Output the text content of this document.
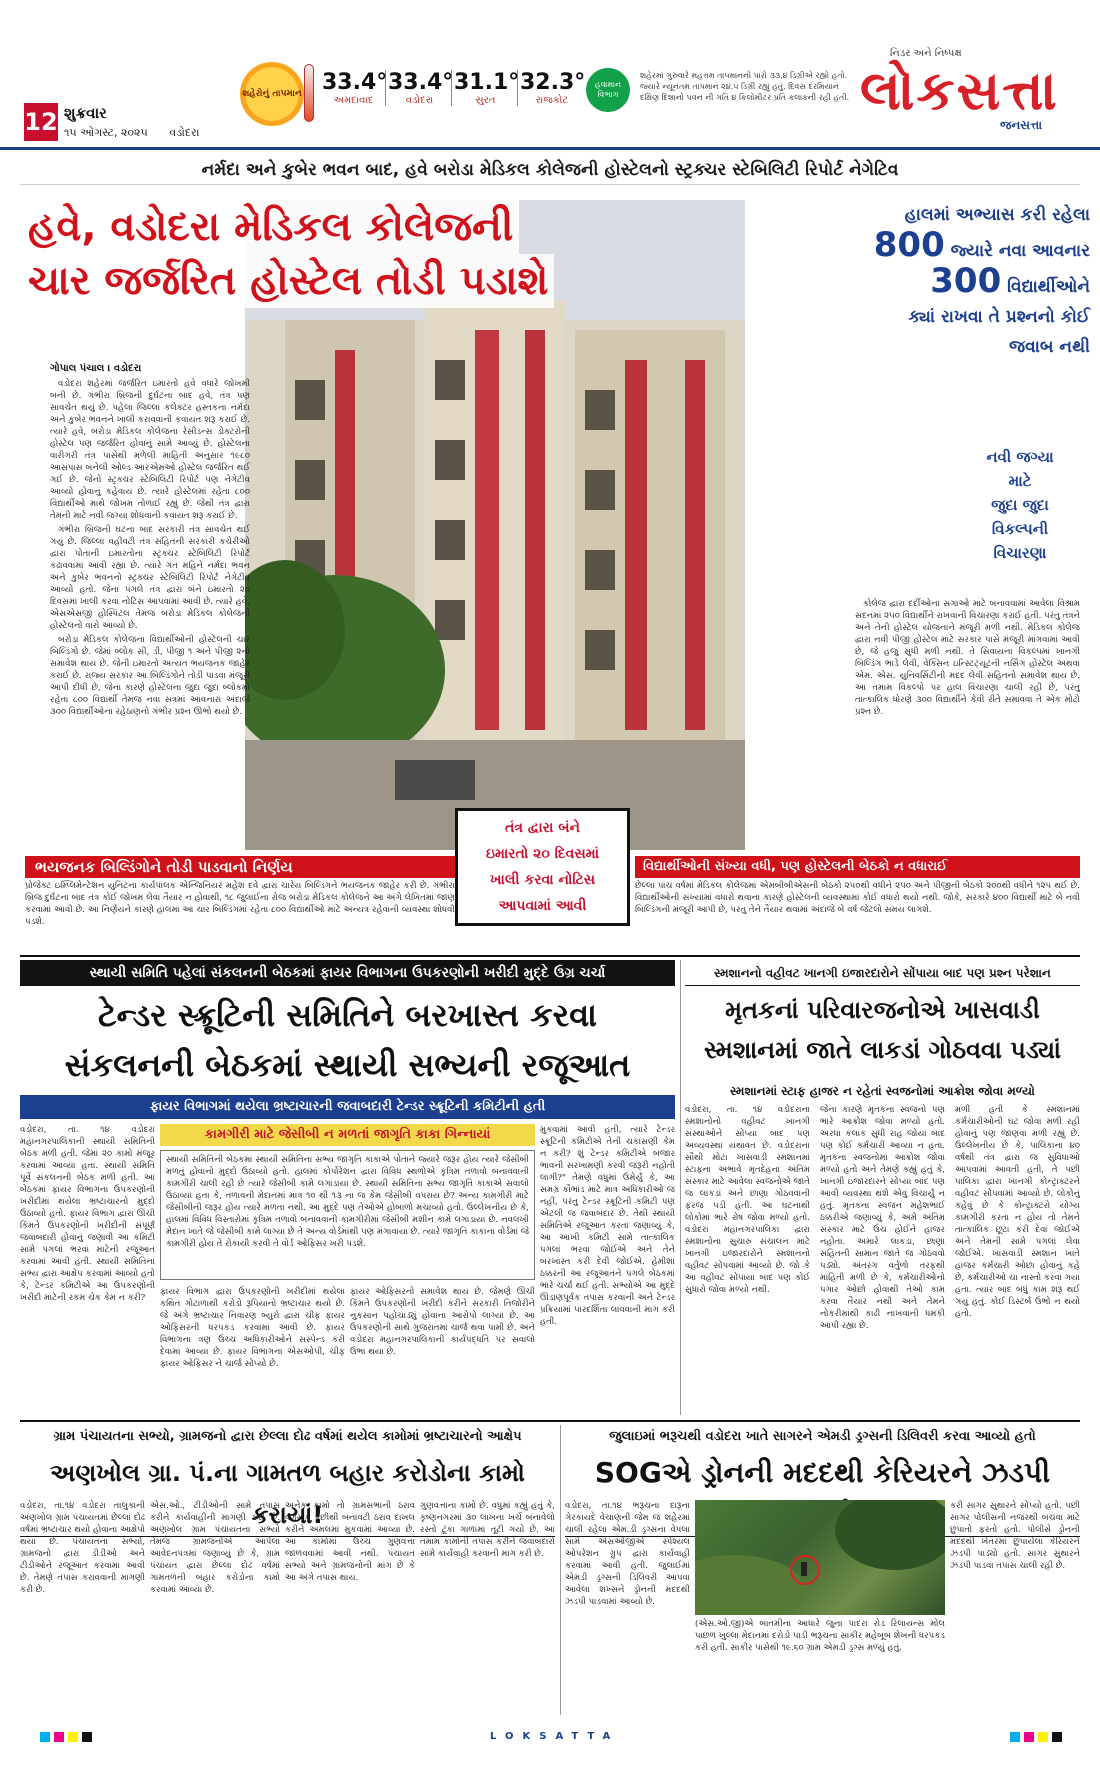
12 શુક્રવાર
૧૫ ઓગસ્ટ, ૨૦૨૫ વડોદરા
શહેરોનું તાપમાન 33.4°
અમદાવાદ
33.4°
વડોદરા
31.1°
સુરત
32.3°
રાજકોટ
હવામાન વિભાગ
શહેરમાં ગુરુવારે મહત્તમ તાપમાનનો પારો ૩૩.૪ ડિગ્રીએ રહ્યો હતો. જ્યારે ન્યૂનતમ તાપમાન ૨૪.૫ ડિગ્રી રહ્યું હતું. દિવસ દરમિયાન દક્ષિણ દિશાનો પવન ની ગતિ ૪ કિલોમીટર પ્રતિ કલાકની રહી હતી.
નિડર અને નિષ્પક્ષ
લોકસત્તા
જનસત્તા
નર્મદા અને કુબેર ભવન બાદ, હવે બરોડા મેડિકલ કોલેજની હોસ્ટેલનો સ્ટ્રક્ચર સ્ટેબિલિટી રિપોર્ટ નેગેટિવ
હવે, વડોદરા મેડિકલ કોલેજની
ચાર જર્જરિત હોસ્ટેલ તોડી પડાશે
હાલમાં અભ્યાસ કરી રહેલા
800 જ્યારે નવા આવનાર
300 વિદ્યાર્થીઓને
ક્યાં રાખવા તે પ્રશ્નનો કોઈ
જવાબ નથી
નવી જગ્યા
માટે
જુદા જુદા
વિકલ્પની
વિચારણા
ગોપાલ પંચાલ । વડોદરા

વડોદરા શહેરમાં જર્જરિત ઇમારતો હવે વધારે જોખમી બની છે. ગંભીરા બ્રિજની દુર્ઘટના બાદ હવે, તંત્ર પણ સાવચેત થયું છે. પહેલા જિલ્લા કલેક્ટર હસ્તકના નર્મદા અને કુબેર ભવનને ખાલી કરાવવાની કવાયત શરૂ કરાઈ છે. ત્યારે હવે, બરોડા મેડિકલ કોલેજના રેસીડન્સ ડોક્ટરોની હોસ્ટેલ પણ જર્જરિત હોવાનું સામે આવ્યું છે. હોસ્ટેલના વારીગરી તંત્ર પાસેથી મળેલી માહિતી અનુસાર ૧૯૮૦ આસપાસ બનેલી ઓલ્ડ આરએમઓ હોસ્ટેલ જર્જરિત થઈ ગઈ છે. જેનો સ્ટ્રક્ચર સ્ટેબિલિટી રિપોર્ટ પણ નેગેટીવ આવ્યો હોવાનું કહેવાય છે. ત્યારે હોસ્ટેલમાં રહેતા ૮૦૦ વિદ્યાર્થીઓ માથે જોખમ તોળાઈ રહ્યું છે. જેથી તંત્ર દ્વારા તેમની માટે નવી જગ્યા શોધવાની કવાયત શરૂ કરાઈ છે.

ગંભીરા બ્રિજની ઘટના બાદ સરકારી તંત્ર સાવચેત થઈ ગયું છે. જિલ્લા વહીવટી તંત્ર સહિતની સરકારી કચેરીઓ દ્વારા પોતાની ઇમારતોના સ્ટ્રક્ચર સ્ટેબિલિટી રિપોર્ટ કઢાવવામાં આવી રહ્યા છે. ત્યારે ગત મહિને નર્મદા ભવન અને કુબેર ભવનનો સ્ટ્રક્ચર સ્ટેબિલિટી રિપોર્ટ નેગેટીવ આવ્યો હતો. જેના પગલે તંત્ર દ્વારા બંને ઇમારતો ૨૦ દિવસમાં ખાલી કરવા નોટિસ આપવામાં આવી છે. ત્યારે હવે, એસએસજી હોસ્પિટલ તેમજ બરોડા મેડિકલ કોલેજની હોસ્ટેલનો વારો આવ્યો છે.

બરોડા મેડિકલ કોલેજના વિદ્યાર્થીઓની હોસ્ટેલની ચાર બિલ્ડિંગો છે. જેમાં બ્લોક સી, ડી, પીજી ૧ અને પીજી ૨નો સમાવેશ થાય છે. જેની ઇમારતો અત્યંત ભયજનક જાહેર કરાઈ છે. રાજ્ય સરકાર આ બિલ્ડિંગોને તોડી પાડવા મંજૂરી આપી દીધી છે, જેના કારણે હોસ્ટેલના જુદા જુદા બ્લોકમાં રહેતા ૮૦૦ વિદ્યાર્થી તેમજ નવા સત્રમાં આવનારા અંદાજે ૩૦૦ વિદ્યાર્થીઓના રહેઠાણનો ગંભીર પ્રશ્ન ઊભો થયો છે.

કોલેજ દ્વારા દર્દીઓના સગાઓ માટે બનાવવામાં આવેલા વિશ્રામ સદનમાં ૨૫૦ વિદ્યાર્થીને રાખવાની વિચારણા કરાઈ હતી. પરંતુ તંત્રને અને તેની હોસ્ટેલ યોજનાને મંજૂરી મળી નથી. મેડિકલ કોલેજ દ્વારા નવી પીજી હોસ્ટેલ માટે સરકાર પાસે મંજૂરી માંગવામાં આવી છે, જે હજુ સુધી મળી નથી. તે સિવાયના વિકલ્પમાં ખાનગી બિલ્ડિંગ ભાડે લેવી, વેક્સિન ઇન્સ્ટિટ્યૂટની નર્સિંગ હોસ્ટેલ અથવા એમ. એસ. યુનિવર્સિટીની મદદ લેવી સહિતનો સમાવેશ થાય છે. આ તમામ વિકલ્પો પર હાલ વિચારણા ચાલી રહી છે, પરંતુ તાત્કાલિક ધોરણે ૩૦૦ વિદ્યાર્થીને કેવી રીતે સમાવવા તે એક મોટો પ્રશ્ન છે.

તંત્ર દ્વારા બંને
ઇમારતો ૨૦ દિવસમાં
ખાલી કરવા નોટિસ
આપવામાં આવી
ભયજનક બિલ્ડિંગોને તોડી પાડવાનો નિર્ણય	વિદ્યાર્થીઓની સંખ્યા વધી, પણ હોસ્ટેલની બેઠકો ન વધારાઈ
પ્રોજેક્ટ ઇમ્પ્લિમેન્ટેશન યુનિટના કાર્યપાલક એન્જિનિયર મહેશ દવે દ્વારા ચારેય બિલ્ડિંગને ભયજનક જાહેર કરી છે. ગંભીરા બ્રિજ દુર્ઘટના બાદ તંત્ર કોઈ જોખમ લેવા તૈયાર ન હોવાથી, ૧૮ જુલાઈના રોજ બરોડા મેડિકલ કોલેજને આ અંગે લેખિતમાં જાણ કરવામાં આવી છે. આ નિર્ણયને કારણે હાલમાં આ ચાર બિલ્ડિંગમાં રહેતા ૮૦૦ વિદ્યાર્થીઓ માટે અન્યત્ર રહેવાની વ્યવસ્થા શોધવી પડશે.
છેલ્લા પાંચ વર્ષમાં મેડિકલ કોલેજમાં એમબીબીએસની બેઠકો ૨૫૦થી વધીને ૨૫૦ અને પીજીની બેઠકો ૨૦૦થી વધીને ૧૨૫ થઈ છે. વિદ્યાર્થીઓની સંખ્યામાં વધારો થવાના કારણે હોસ્ટેલની વ્યવસ્થામાં કોઈ વધારો થયો નથી. જોકે, સરકારે ૪૦૦ વિદ્યાર્થી માટે બે નવી બિલ્ડિંગની મંજૂરી આપી છે, પરંતુ તેને તૈયાર થવામાં અંદાજે બે વર્ષ જેટલો સમય લાગશે.
સ્થાયી સમિતિ પહેલાં સંકલનની બેઠકમાં ફાયર વિભાગના ઉપકરણોની ખરીદી મુદ્દે ઉગ્ર ચર્ચા
ટેન્ડર સ્ક્રૂટિની સમિતિને બરખાસ્ત કરવા
સંકલનની બેઠકમાં સ્થાયી સભ્યની રજૂઆત
ફાયર વિભાગમાં થયેલા ભ્રષ્ટાચારની જવાબદારી ટેન્ડર સ્ક્રૂટિની કમિટીની હતી
વડોદરા, તા. ૧૪ વડોદરા મહાનગરપાલિકાની સ્થાયી સમિતિની બેઠક મળી હતી. જેમાં ૨૦ કામો મંજૂર કરવામાં આવ્યા હતા. સ્થાયી સમિતિ પૂર્વે સંકલનની બેઠક મળી હતી. આ બેઠકમાં ફાયર વિભાગના ઉપકરણોની ખરીદીમાં થયેલા ભ્રષ્ટાચારનો મુદ્દો ઉઠાવ્યો હતો. ફાયર વિભાગ દ્વારા ઊંચી કિંમતે ઉપકરણોની ખરીદીની સંપૂર્ણ જવાબદારી હોવાનું જણાવી આ કમિટી સામે પગલાં ભરવા માટેની રજૂઆત કરવામાં આવી હતી. સ્થાયી સમિતિના સભ્ય દ્વારા આક્ષેપ કરવામાં આવ્યો હતો કે, ટેન્ડર કમિટીએ આ ઉપકરણોની ખરીદી માટેની રકમ ચેક કેમ ન કરી?
કામગીરી માટે જેસીબી ન મળતાં જાગૃતિ કાકા ગિન્નાયાં
સ્થાયી સમિતિની બેઠકમાં સ્થાયી સમિતિના સભ્ય જાગૃતિ કાકાએ પોતાને જ્યારે જરૂર હોય ત્યારે જેસીબી મળતું હોવાનો મુદ્દો ઉઠાવ્યો હતો. હાલમાં કોર્પોરેશન દ્વારા વિવિધ સ્થળોએ કૃત્રિમ તળાવો બનાવવાની કામગીરી ચાલી રહી છે ત્યારે જેસીબી કામે લગાડાયા છે. સ્થાયી સમિતિના સભ્ય જાગૃતિ કાકાએ સવાલો ઉઠાવ્યા હતા કે, તળાવની મેદાનમાં માત્ર ૧૦ થી ૧૩ ના જ કેમ જેસીબી વપરાય છે? અન્ય કામગીરી માટે જેસીબીની જરૂર હોય ત્યારે મળતા નથી. આ મુદ્દે પણ તેઓએ હોબાળો મચાવ્યો હતો. ઉલ્લેખનીય છે કે, હાલમાં વિવિધ વિસ્તારોમાં કૃત્રિમ તળાવો બનાવવાની કામગીરીમાં જેસીબી મશીન કામે લગાડાયા છે. નવલખી મેદાન ખાતે જે જેસીબી કામે લાગ્યા છે તે અન્ય વોર્ડમાંથી પણ મંગાવાયા છે. ત્યારે જાગૃતિ કાકાના વોર્ડમાં જે કામગીરી હોય તે રોકાયી કરવી તે વોર્ડ ઓફિસર ખરી પડશે.
ફાયર વિભાગ દ્વારા ઉપકરણોની ખરીદીમાં થયેલા કથિત ગોટાળાથી કરોડો રૂપિયાનો ભ્રષ્ટાચાર થયો છે. જે અંગે ભ્રષ્ટાચાર નિવારણ બ્યુરો દ્વારા ચીફ ફાયર ઓફિસરની ધરપકડ કરવામાં આવી છે. ફાયર વિભાગના ત્રણ ઉચ્ચ અધિકારીઓને સસ્પેન્ડ કરી દેવામાં આવ્યા છે. ફાયર વિભાગના એસઓપી, ચીફ ફાયર ઓફિસર ને ચાર્જ સોંપ્યો છે.
ફાયર ઓફિસરનો સમાવેશ થાય છે. જેમણે ઊંચી કિંમતે ઉપકરણોની ખરીદી કરીને સરકારી તિજોરીને નુકસાન પહોંચાડ્યું હોવાના આરોપો લાગ્યા છે. આ ઉપકરણોની સાથે ગુજરાતમાં ચાર્જ થવા પામી છે. અને વડોદરા મહાનગરપાલિકાની કાર્યપદ્ધતિ પર સવાલો ઉભા થયા છે.
મુકવામાં આવી હતી, ત્યારે ટેન્ડર સ્ક્રૂટિની કમિટીએ તેની ચકાસણી કેમ ન કરી? શું ટેન્ડર કમિટીએ બજાર ભાવની સરખામણી કરવી જરૂરી નહોતી લાગી?" તેમણે વધુમાં ઉમેર્યું કે, આ સમગ્ર કૌભાંડ માટે માત્ર અધિકારીઓ જ નહીં, પરંતુ ટેન્ડર સ્ક્રૂટિની કમિટી પણ એટલી જ જવાબદાર છે. તેથી સ્થાયી સમિતિએ રજૂઆત કરતાં જણાવ્યું કે, આ આખી કમિટી સામે તાત્કાલિક પગલાં ભરવા જોઈએ અને તેને બરખાસ્ત કરી દેવી જોઈએ. હેમીશા ઠક્કરની આ રજૂઆતને પગલે બેઠકમાં ભારે ચર્ચા થઈ હતી. સભ્યોએ આ મુદ્દે ઊંડાણપૂર્વક તપાસ કરવાની અને ટેન્ડર પ્રક્રિયામાં પારદર્શિતા લાવવાની માગ કરી હતી.
સ્મશાનનો વહીવટ ખાનગી ઇજારદારોને સોંપાયા બાદ પણ પ્રશ્ન પરેશાન
મૃતકનાં પરિવારજનોએ ખાસવાડી
સ્મશાનમાં જાતે લાકડાં ગોઠવવા પડ્યાં
સ્મશાનમાં સ્ટાફ હાજર ન રહેતાં સ્વજનોમાં આક્રોશ જોવા મળ્યો
વડોદરા, તા. ૧૪ વડોદરાના સ્મશાનોનો વહીવટ ખાનગી સંસ્થાઓને સોંપ્યા બાદ પણ અવ્યવસ્થા યથાવત છે. વડોદરાના સૌથી મોટા ખાસવાડી સ્મશાનમાં સ્ટાફના અભાવે મૃતદેહના અંતિમ સંસ્કાર માટે આવેલા સ્વજનોએ જાતે જ લાકડાં અને છાણા ગોઠવવાની ફરજ પડી હતી. આ ઘટનાથી લોકોમાં ભારે રોષ જોવા મળ્યો હતો. વડોદરા મહાનગરપાલિકા દ્વારા સ્મશાનોના સુચારુ સંચાલન માટે ખાનગી ઇજારદારોને સ્મશાનનો વહીવટ સોંપવામાં આવ્યો છે. જો કે આ વહીવટ સોંપાયા બાદ પણ કોઈ સુધારો જોવા મળ્યો નથી.
જેના કારણે મૃતકના સ્વજનો પણ ભારે આક્રોશ જોવા મળ્યો હતો. અરધા કલાક સુધી રાહ જોયા બાદ પણ કોઈ કર્મચારી આવ્યા ન હતા. મૃતકના સ્વજનોમાં આક્રોશ જોવા મળ્યો હતો અને તેમણે કહ્યું હતું કે, ખાનગી ઇજારદારને સોંપ્યા બાદ પણ આવી વ્યવસ્થા થશે એવું વિચાર્યું ન હતું. મૃતકના સ્વજન મહેશભાઈ ઠક્કરીએ જણાવ્યું કે, અમે અંતિમ સંસ્કાર માટે ઉંચ હોઈને હાજર નહોતા. અમારે લાકડા, છાણા સહિતની સામાન જાતે જ ગોઠવવો પડ્યો. અંતરંગ વર્તુળો તરફથી માહિતી મળી છે કે, કર્મચારીઓનો પગાર ઓછો હોવાથી તેઓ કામ કરવા તૈયાર નથી અને તેમને નોકરીમાંથી કાઢી નાખવાની ધમકી આપી રહ્યા છે.
મળી હતી કે સ્મશાનમાં કર્મચારીઓની ઘટ જોવા મળી રહી હોવાનું પણ જાણવા મળી રહ્યું છે. ઉલ્લેખનીય છે કે, પાલિકાના ૪૦ વર્ષથી તંત્ર દ્વારા જ સુવિધાઓ આપવામાં આવતી હતી, તે પછી પાલિકા દ્વારા ખાનગી કોન્ટ્રાક્ટરને વહીવટ સોંપવામાં આવ્યો છે. લોકોનું કહેવું છે કે કોન્ટ્રાક્ટરો યોગ્ય કામગીરી કરતા ન હોય તો તેમને તાત્કાલિક છૂટા કરી દેવા જોઈએ અને તેમની સામે પગલાં લેવા જોઈએ. ખાસવાડી સ્મશાન ખાતે હાજર કર્મચારી ઓછા હોવાનું કહે છે, કર્મચારીઓ ચા નાસ્તો કરવા ગયા હતા. ત્યાર બાદ બધું કામ શરૂ થઈ ગયું હતું. કોઈ ડિસ્ટર્બ ઉભો ન થયો હતો.
ગ્રામ પંચાયતના સભ્યો, ગ્રામજનો દ્વારા છેલ્લા દોઢ વર્ષમાં થયેલ કામોમાં ભ્રષ્ટાચારનો આક્ષેપ
અણખોલ ગ્રા. પં.ના ગામતળ બહાર કરોડોના કામો કરાયાં!
વડોદરા, તા.૧૪ વડોદરા તાલુકાની અણખોલ ગ્રામ પંચાયતમાં છેલ્લા દોઢ વર્ષમાં ભ્રષ્ટાચાર થયો હોવાના આક્ષેપો થયા છે. પંચાયતના સભ્યો, ગ્રામજનો દ્વારા ડીડીઓ અને ટીડીઓને રજૂઆત કરવામાં આવી છે. તેમણે તપાસ કરાવવાની માગણી કરી છે.
એસ.ઓ., ટીડીઓની સામે તપાસ કરીને કાર્યવાહીની માગણી કરી છે. અણખોલ ગ્રામ પંચાયતના સભ્યો તેમજ ગ્રામજનોએ આપેલા આવેદનપત્રમાં જણાવ્યું છે કે, ગ્રામ પંચાયત દ્વારા છેલ્લા દોઢ વર્ષમાં ગામતળની બહાર કરોડોના કામો કરવામાં આવ્યા છે.
અનેક કામો તો ગ્રામસભાની ઠરાવ વગર કે પછીથી બનાવટી ઠરાવ દાખલ કરીને અમલમાં મુકવામાં આવ્યા છે. આ કામોમાં ઉચ્ચ ગુણવત્તા જાળવવામાં આવી નથી. પંચાયત સભ્યો અને ગ્રામજનોની માંગ છે કે આ અંગે તપાસ થાય.
ગુણવત્તાના કામો છે. વધુમાં કહ્યું હતું કે, કૃષ્ણનગરમાં ૩૦ લાખના ખર્ચે બનાવેલો રસ્તો ટૂંકા ગાળામાં તૂટી ગયો છે. આ તમામ કામોની તપાસ કરીને જવાબદારો સામે કાર્યવાહી કરવાની માગ કરી છે.
જુલાઇમાં ભરૂચથી વડોદરા ખાતે સાગરને એમડી ડ્રગ્સની ડિલિવરી કરવા આવ્યો હતો
SOGએ ડ્રોનની મદદથી કેરિયરને ઝડપી
વડોદરા, તા.૧૪ ભરૂચના દારૂના ગેરકાયદે વેચાણની જેમ જ શહેરમાં ચાલી રહેલા એમ.ડી ડ્રગ્સના વેપલા સામે એસઓજીએ સ્પેશ્યલ ઓપરેશન ગ્રુપ દ્વારા કાર્યવાહી કરવામાં આવી હતી. જુલાઈમાં એમડી ડ્રગ્સની ડિલિવરી આપવા આવેલા શખ્સને ડ્રોનની મદદથી ઝડપી પાડવામાં આવ્યો છે.
(એસ.ઓ.જી)એ બાતમીના આધારે જુના પાદરા રોડ રિલાયન્સ મોલ પાછળ ખુલ્લા મેદાનમાં દરોડો પાડી ભરૂચના સાકીર મહેબૂબ શેખની ધરપકડ કરી હતી. સાકીર પાસેથી ૧૯.૬૦ ગ્રામ એમડી ડ્રગ્સ મળ્યું હતું.
કરી સાગર સુથારને સોંપ્યો હતો. પછી સાગર પોલીસની નજરથી બચવા માટે છુપાતો ફરતો હતો. પોલીસે ડ્રોનની મદદથી ખેતરમાં છુપાયેલા કેરિયરને ઝડપી પાડ્યો હતો. સાગર સુથારને ઝડપી પાડવા તપાસ ચાલી રહી છે.
LOKSATTA
